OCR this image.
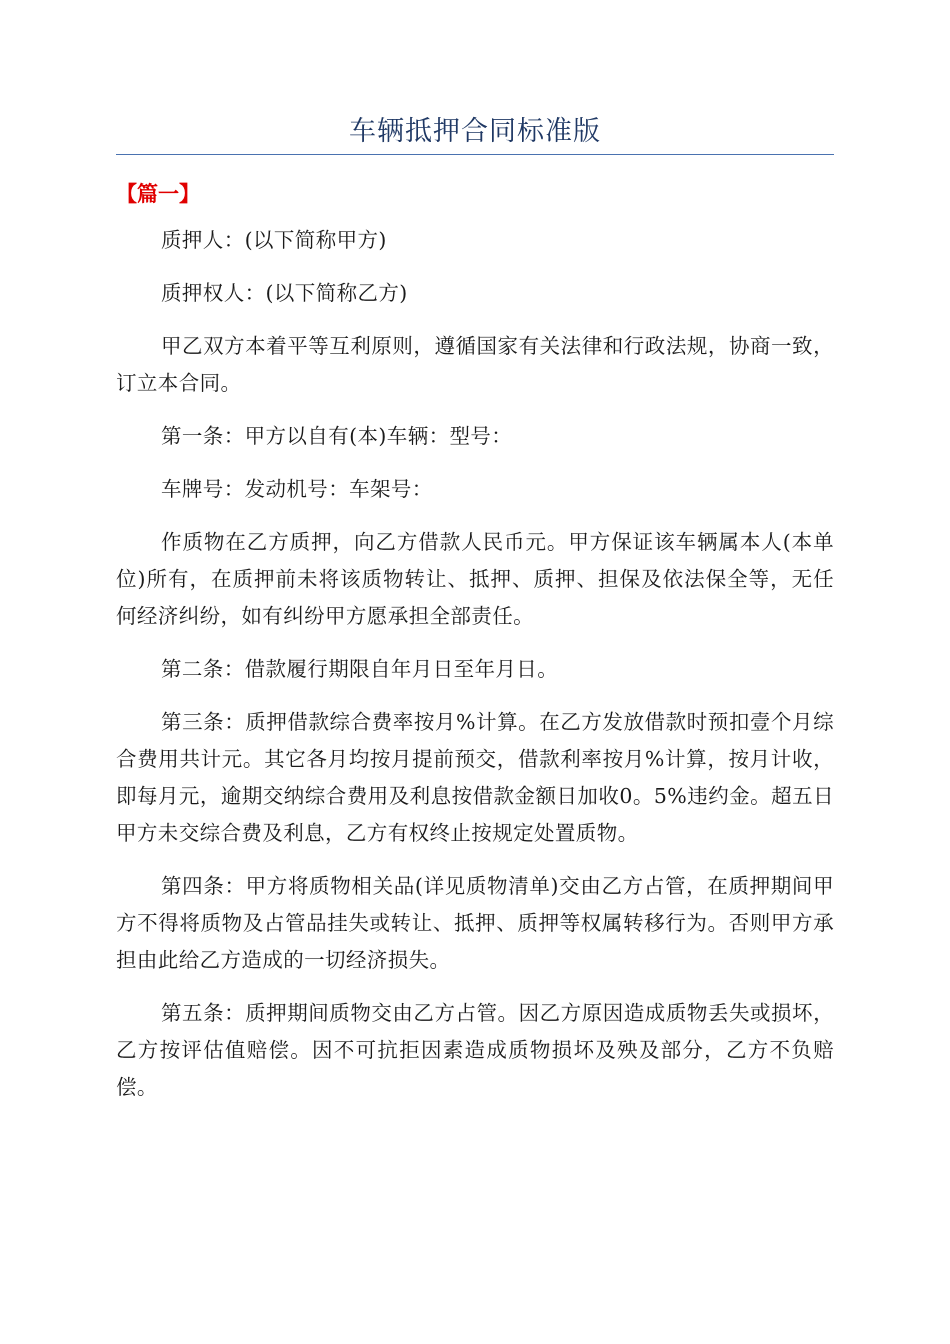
车辆抵押合同标准版
【篇一】

质押人：(以下简称甲方)

质押权人：(以下简称乙方)

甲乙双方本着平等互利原则，遵循国家有关法律和行政法规，协商一致，订立本合同。

第一条：甲方以自有(本)车辆：型号：

车牌号：发动机号：车架号：

作质物在乙方质押，向乙方借款人民币元。甲方保证该车辆属本人(本单位)所有，在质押前未将该质物转让、抵押、质押、担保及依法保全等，无任何经济纠纷，如有纠纷甲方愿承担全部责任。

第二条：借款履行期限自年月日至年月日。

第三条：质押借款综合费率按月%计算。在乙方发放借款时预扣壹个月综合费用共计元。其它各月均按月提前预交，借款利率按月%计算，按月计收，即每月元，逾期交纳综合费用及利息按借款金额日加收0。5%违约金。超五日甲方未交综合费及利息，乙方有权终止按规定处置质物。

第四条：甲方将质物相关品(详见质物清单)交由乙方占管，在质押期间甲方不得将质物及占管品挂失或转让、抵押、质押等权属转移行为。否则甲方承担由此给乙方造成的一切经济损失。

第五条：质押期间质物交由乙方占管。因乙方原因造成质物丢失或损坏，乙方按评估值赔偿。因不可抗拒因素造成质物损坏及殃及部分，乙方不负赔偿。
